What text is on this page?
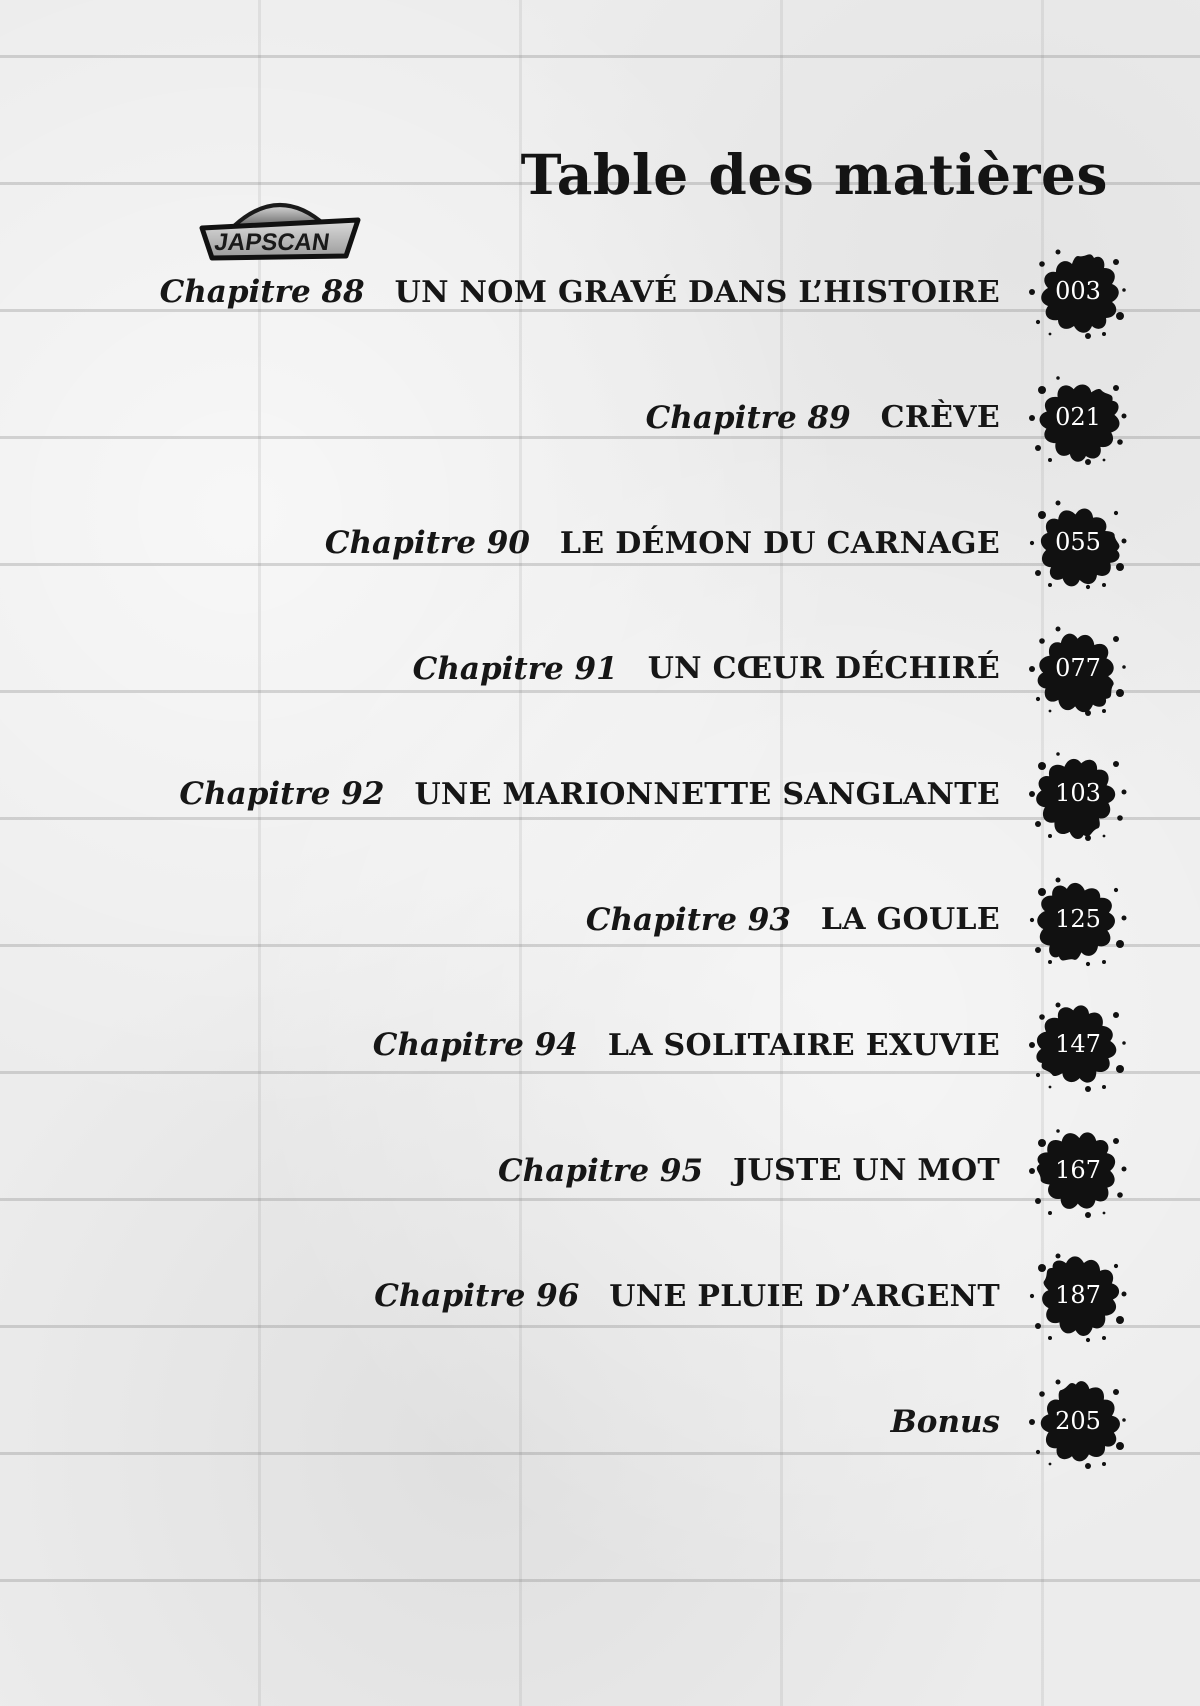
Table des matières
JAPSCAN
Chapitre 88 UN NOM GRAVÉ DANS L’HISTOIRE	003
Chapitre 89 CRÈVE	021
Chapitre 90 LE DÉMON DU CARNAGE	055
Chapitre 91 UN CŒUR DÉCHIRÉ	077
Chapitre 92 UNE MARIONNETTE SANGLANTE	103
Chapitre 93 LA GOULE	125
Chapitre 94 LA SOLITAIRE EXUVIE	147
Chapitre 95 JUSTE UN MOT	167
Chapitre 96 UNE PLUIE D’ARGENT	187
Bonus	205
